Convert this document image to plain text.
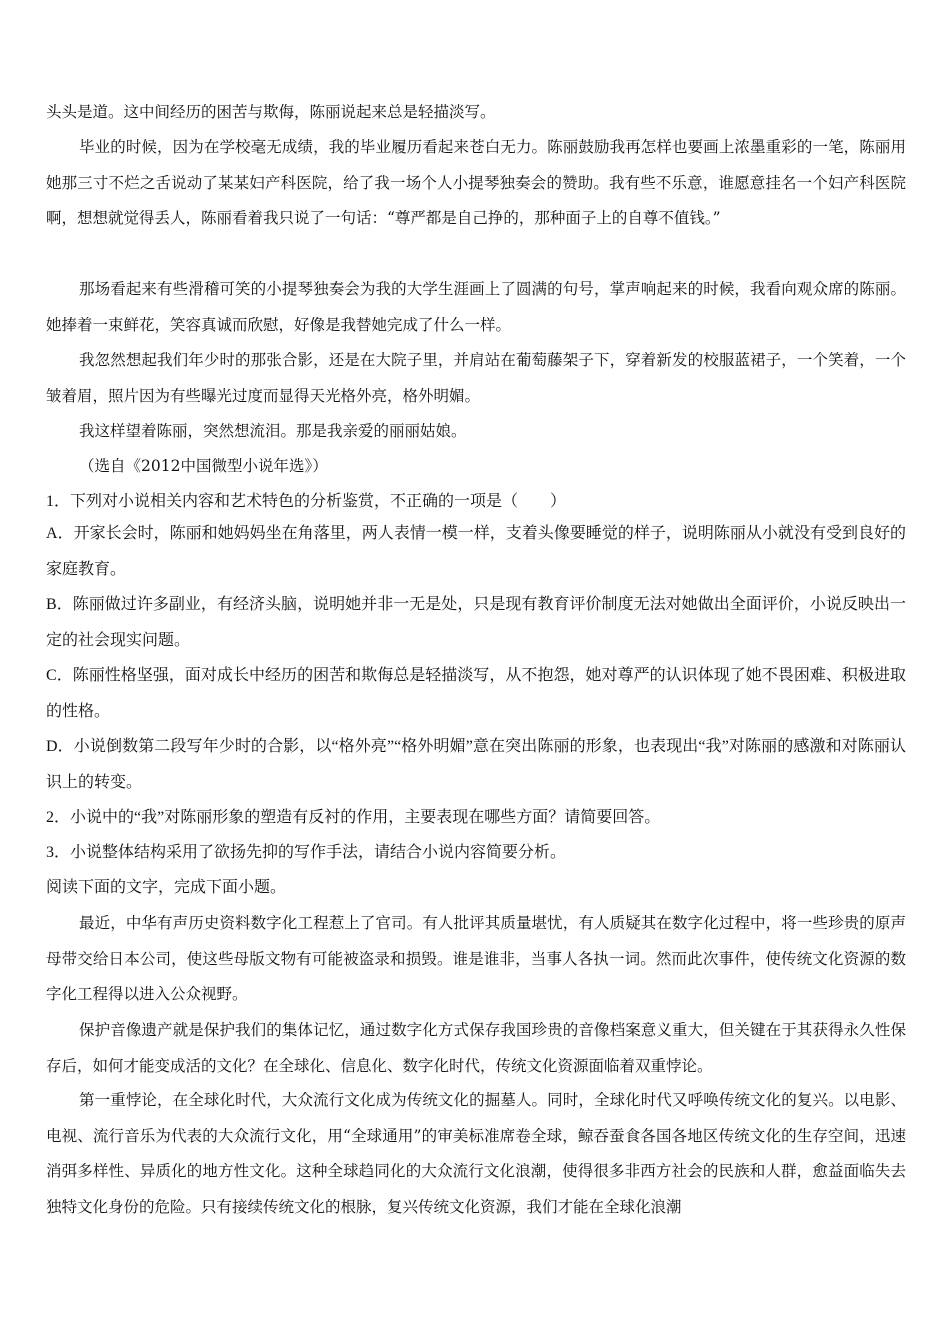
头头是道。这中间经历的困苦与欺侮，陈丽说起来总是轻描淡写。

毕业的时候，因为在学校毫无成绩，我的毕业履历看起来苍白无力。陈丽鼓励我再怎样也要画上浓墨重彩的一笔，陈丽用她那三寸不烂之舌说动了某某妇产科医院，给了我一场个人小提琴独奏会的赞助。我有些不乐意，谁愿意挂名一个妇产科医院啊，想想就觉得丢人，陈丽看着我只说了一句话：“尊严都是自己挣的，那种面子上的自尊不值钱。”

那场看起来有些滑稽可笑的小提琴独奏会为我的大学生涯画上了圆满的句号，掌声响起来的时候，我看向观众席的陈丽。她捧着一束鲜花，笑容真诚而欣慰，好像是我替她完成了什么一样。

我忽然想起我们年少时的那张合影，还是在大院子里，并肩站在葡萄藤架子下，穿着新发的校服蓝裙子，一个笑着，一个皱着眉，照片因为有些曝光过度而显得天光格外亮，格外明媚。

我这样望着陈丽，突然想流泪。那是我亲爱的丽丽姑娘。

（选自《2012中国微型小说年选》）

1．下列对小说相关内容和艺术特色的分析鉴赏，不正确的一项是（　　）

A．开家长会时，陈丽和她妈妈坐在角落里，两人表情一模一样，支着头像要睡觉的样子，说明陈丽从小就没有受到良好的家庭教育。

B．陈丽做过许多副业，有经济头脑，说明她并非一无是处，只是现有教育评价制度无法对她做出全面评价，小说反映出一定的社会现实问题。

C．陈丽性格坚强，面对成长中经历的困苦和欺侮总是轻描淡写，从不抱怨，她对尊严的认识体现了她不畏困难、积极进取的性格。

D．小说倒数第二段写年少时的合影，以“格外亮”“格外明媚”意在突出陈丽的形象，也表现出“我”对陈丽的感激和对陈丽认识上的转变。

2．小说中的“我”对陈丽形象的塑造有反衬的作用，主要表现在哪些方面？请简要回答。

3．小说整体结构采用了欲扬先抑的写作手法，请结合小说内容简要分析。

阅读下面的文字，完成下面小题。

最近，中华有声历史资料数字化工程惹上了官司。有人批评其质量堪忧，有人质疑其在数字化过程中，将一些珍贵的原声母带交给日本公司，使这些母版文物有可能被盗录和损毁。谁是谁非，当事人各执一词。然而此次事件，使传统文化资源的数字化工程得以进入公众视野。

保护音像遗产就是保护我们的集体记忆，通过数字化方式保存我国珍贵的音像档案意义重大，但关键在于其获得永久性保存后，如何才能变成活的文化？在全球化、信息化、数字化时代，传统文化资源面临着双重悖论。

第一重悖论，在全球化时代，大众流行文化成为传统文化的掘墓人。同时，全球化时代又呼唤传统文化的复兴。以电影、电视、流行音乐为代表的大众流行文化，用“全球通用”的审美标准席卷全球，鲸吞蚕食各国各地区传统文化的生存空间，迅速消弭多样性、异质化的地方性文化。这种全球趋同化的大众流行文化浪潮，使得很多非西方社会的民族和人群，愈益面临失去独特文化身份的危险。只有接续传统文化的根脉，复兴传统文化资源，我们才能在全球化浪潮
